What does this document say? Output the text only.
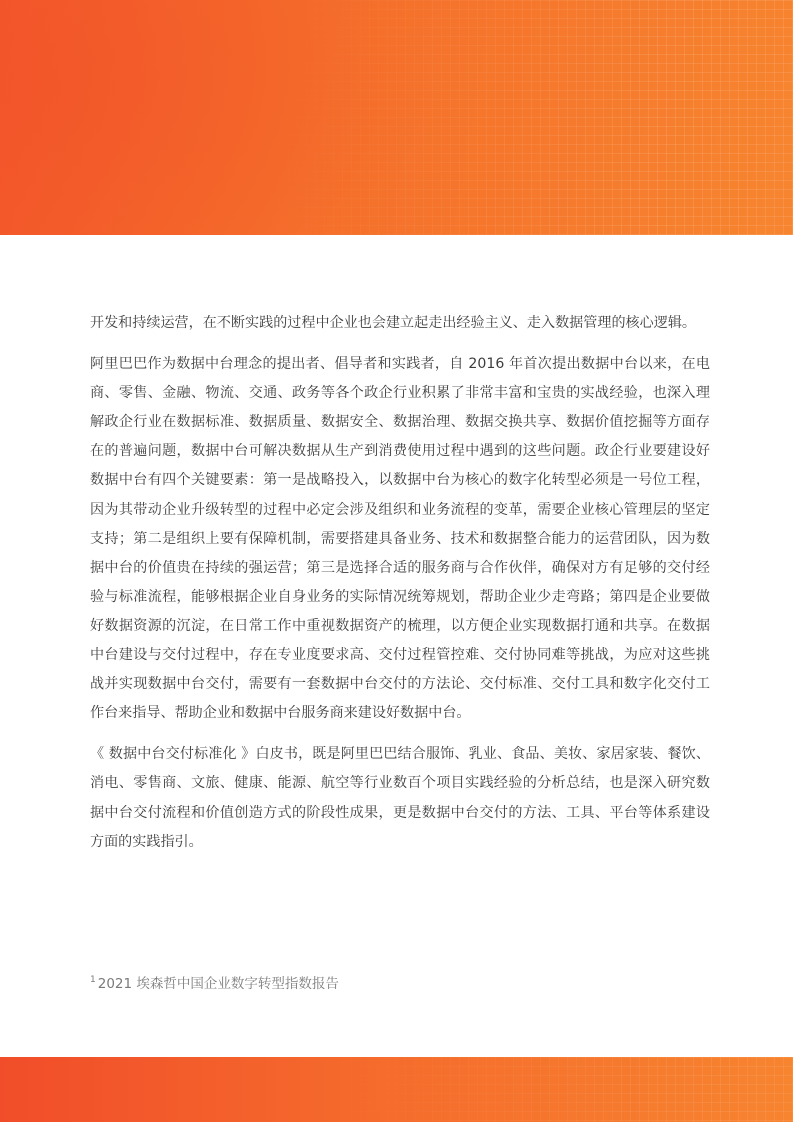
开发和持续运营，在不断实践的过程中企业也会建立起走出经验主义、走入数据管理的核心逻辑。

阿里巴巴作为数据中台理念的提出者、倡导者和实践者，自 2016 年首次提出数据中台以来，在电商、零售、金融、物流、交通、政务等各个政企行业积累了非常丰富和宝贵的实战经验，也深入理解政企行业在数据标准、数据质量、数据安全、数据治理、数据交换共享、数据价值挖掘等方面存在的普遍问题，数据中台可解决数据从生产到消费使用过程中遇到的这些问题。政企行业要建设好数据中台有四个关键要素：第一是战略投入，以数据中台为核心的数字化转型必须是一号位工程，因为其带动企业升级转型的过程中必定会涉及组织和业务流程的变革，需要企业核心管理层的坚定支持；第二是组织上要有保障机制，需要搭建具备业务、技术和数据整合能力的运营团队，因为数据中台的价值贵在持续的强运营；第三是选择合适的服务商与合作伙伴，确保对方有足够的交付经验与标准流程，能够根据企业自身业务的实际情况统筹规划，帮助企业少走弯路；第四是企业要做好数据资源的沉淀，在日常工作中重视数据资产的梳理，以方便企业实现数据打通和共享。在数据中台建设与交付过程中，存在专业度要求高、交付过程管控难、交付协同难等挑战，为应对这些挑战并实现数据中台交付，需要有一套数据中台交付的方法论、交付标准、交付工具和数字化交付工作台来指导、帮助企业和数据中台服务商来建设好数据中台。

《 数据中台交付标准化 》白皮书，既是阿里巴巴结合服饰、乳业、食品、美妆、家居家装、餐饮、消电、零售商、文旅、健康、能源、航空等行业数百个项目实践经验的分析总结，也是深入研究数据中台交付流程和价值创造方式的阶段性成果，更是数据中台交付的方法、工具、平台等体系建设方面的实践指引。

$^1$ 2021 埃森哲中国企业数字转型指数报告
